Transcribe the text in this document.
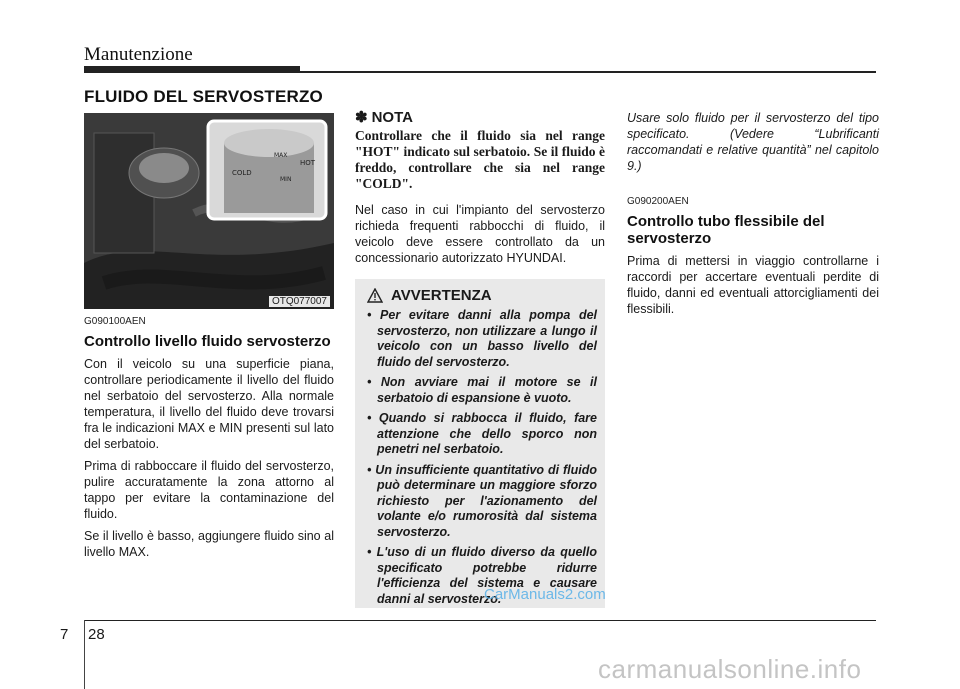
Manutenzione
FLUIDO DEL SERVOSTERZO
MAX
HOT
COLD
MIN
OTQ077007
G090100AEN
Controllo livello fluido servosterzo

Con il veicolo su una superficie piana, controllare periodicamente il livello del fluido nel serbatoio del servosterzo. Alla normale temperatura, il livello del fluido deve trovarsi fra le indicazioni MAX e MIN presenti sul lato del serbatoio.

Prima di rabboccare il fluido del servosterzo, pulire accuratamente la zona attorno al tappo per evitare la contaminazione del fluido.

Se il livello è basso, aggiungere fluido sino al livello MAX.

✽ NOTA

Controllare che il fluido sia nel range "HOT" indicato sul serbatoio. Se il fluido è freddo, controllare che sia nel range "COLD".

Nel caso in cui l'impianto del servosterzo richieda frequenti rabbocchi di fluido, il veicolo deve essere controllato da un concessionario autorizzato HYUNDAI.

AVVERTENZA
• Per evitare danni alla pompa del servosterzo, non utilizzare a lungo il veicolo con un basso livello del fluido del servosterzo.
• Non avviare mai il motore se il serbatoio di espansione è vuoto.
• Quando si rabbocca il fluido, fare attenzione che dello sporco non penetri nel serbatoio.
• Un insufficiente quantitativo di fluido può determinare un maggiore sforzo richiesto per l'azionamento del volante e/o rumorosità dal sistema servosterzo.
• L'uso di un fluido diverso da quello specificato potrebbe ridurre l'efficienza del sistema e causare danni al servosterzo.

Usare solo fluido per il servosterzo del tipo specificato. (Vedere “Lubrificanti raccomandati e relative quantità” nel capitolo 9.)

G090200AEN
Controllo tubo flessibile del servosterzo

Prima di mettersi in viaggio controllarne i raccordi per accertare eventuali perdite di fluido, danni ed eventuali attorcigliamenti dei flessibili.

CarManuals2.com
7 28
carmanualsonline.info
